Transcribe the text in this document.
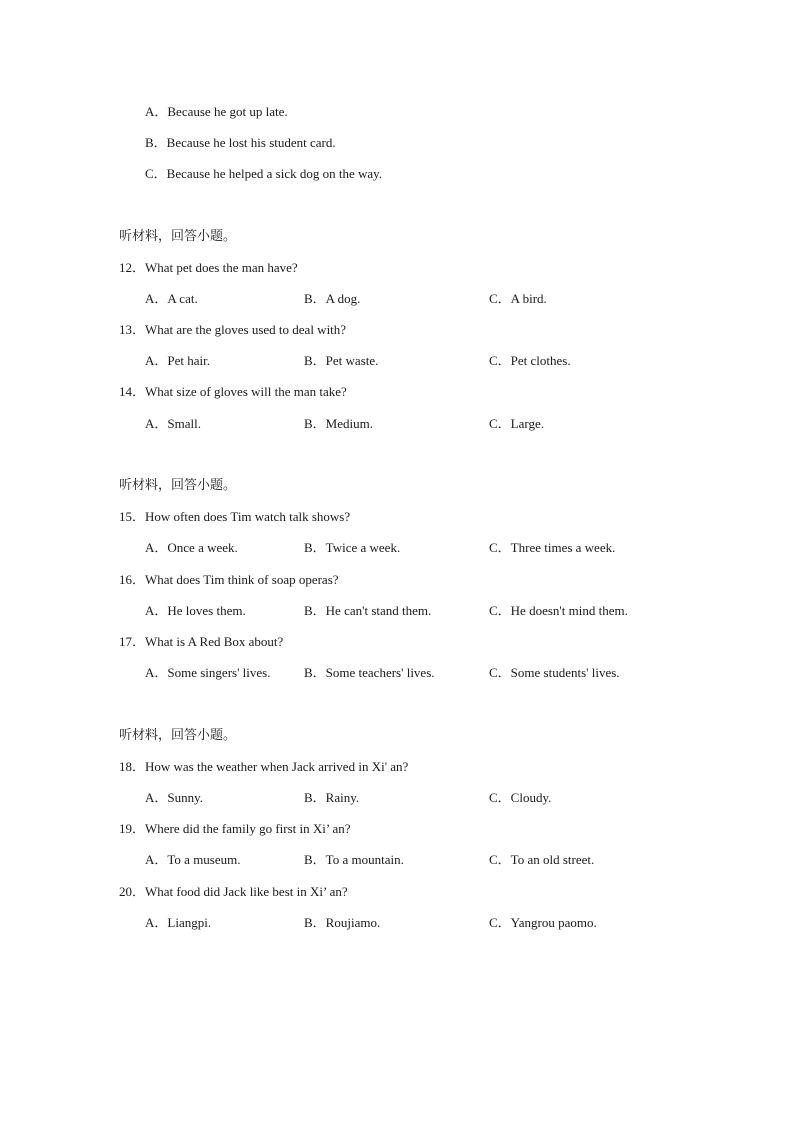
A．Because he got up late.
B．Because he lost his student card.
C．Because he helped a sick dog on the way.
听材料，回答小题。
12．What pet does the man have?
A．A cat.	B．A dog.	C．A bird.
13．What are the gloves used to deal with?
A．Pet hair.	B．Pet waste.	C．Pet clothes.
14．What size of gloves will the man take?
A．Small.	B．Medium.	C．Large.
听材料，回答小题。
15．How often does Tim watch talk shows?
A．Once a week.	B．Twice a week.	C．Three times a week.
16．What does Tim think of soap operas?
A．He loves them.	B．He can't stand them.	C．He doesn't mind them.
17．What is A Red Box about?
A．Some singers' lives.	B．Some teachers' lives.	C．Some students' lives.
听材料，回答小题。
18．How was the weather when Jack arrived in Xi' an?
A．Sunny.	B．Rainy.	C．Cloudy.
19．Where did the family go first in Xi’ an?
A．To a museum.	B．To a mountain.	C．To an old street.
20．What food did Jack like best in Xi’ an?
A．Liangpi.	B．Roujiamo.	C．Yangrou paomo.
